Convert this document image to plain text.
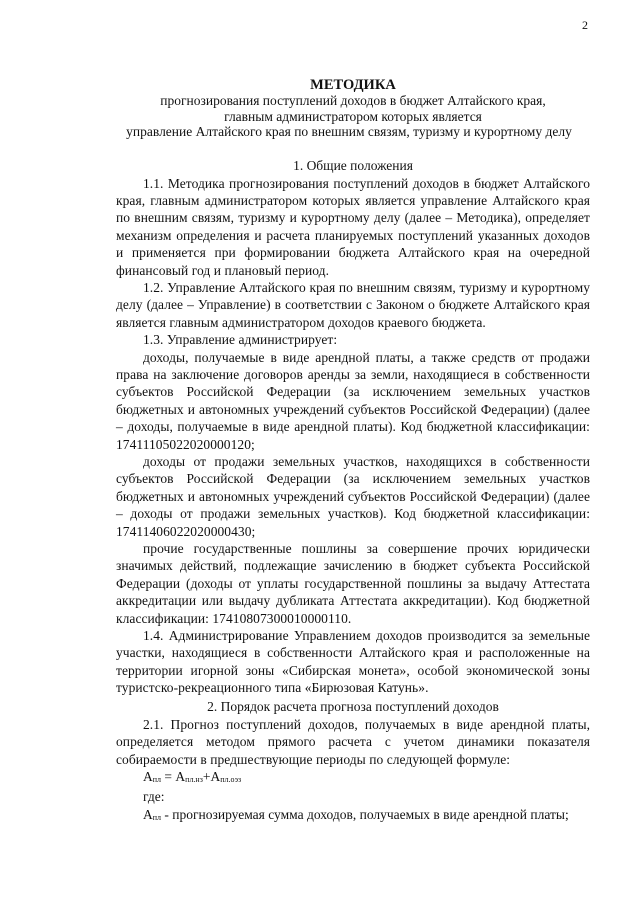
2
МЕТОДИКА
прогнозирования поступлений доходов в бюджет Алтайского края,
главным администратором которых является
управление Алтайского края по внешним связям, туризму и курортному делу
1. Общие положения

1.1. Методика прогнозирования поступлений доходов в бюджет Алтайского края, главным администратором которых является управление Алтайского края по внешним связям, туризму и курортному делу (далее – Методика), определяет механизм определения и расчета планируемых поступлений указанных доходов и применяется при формировании бюджета Алтайского края на очередной финансовый год и плановый период.

1.2. Управление Алтайского края по внешним связям, туризму и курортному делу (далее – Управление) в соответствии с Законом о бюджете Алтайского края является главным администратором доходов краевого бюджета.

1.3. Управление администрирует:

доходы, получаемые в виде арендной платы, а также средств от продажи права на заключение договоров аренды за земли, находящиеся в собственности субъектов Российской Федерации (за исключением земельных участков бюджетных и автономных учреждений субъектов Российской Федерации) (далее – доходы, получаемые в виде арендной платы). Код бюджетной классификации: 17411105022020000120;

доходы от продажи земельных участков, находящихся в собственности субъектов Российской Федерации (за исключением земельных участков бюджетных и автономных учреждений субъектов Российской Федерации) (далее – доходы от продажи земельных участков). Код бюджетной классификации: 17411406022020000430;

прочие государственные пошлины за совершение прочих юридически значимых действий, подлежащие зачислению в бюджет субъекта Российской Федерации (доходы от уплаты государственной пошлины за выдачу Аттестата аккредитации или выдачу дубликата Аттестата аккредитации). Код бюджетной классификации: 17410807300010000110.

1.4. Администрирование Управлением доходов производится за земельные участки, находящиеся в собственности Алтайского края и расположенные на территории игорной зоны «Сибирская монета», особой экономической зоны туристско-рекреационного типа «Бирюзовая Катунь».

2. Порядок расчета прогноза поступлений доходов

2.1. Прогноз поступлений доходов, получаемых в виде арендной платы, определяется методом прямого расчета с учетом динамики показателя собираемости в предшествующие периоды по следующей формуле:

$А_{пл} = А_{пл.нз}+А_{пл.оэз}$

где:

$А_{пл}$ - прогнозируемая сумма доходов, получаемых в виде арендной платы;
